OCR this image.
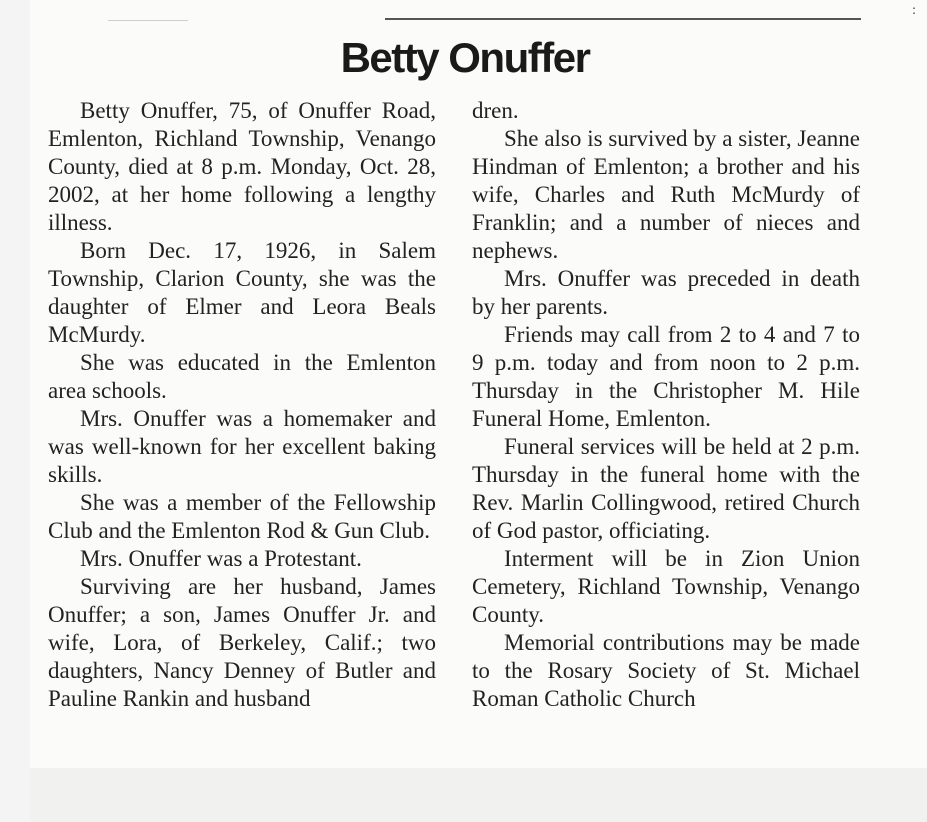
:
Betty Onuffer

Betty Onuffer, 75, of Onuffer Road, Emlenton, Richland Township, Venango County, died at 8 p.m. Monday, Oct. 28, 2002, at her home following a lengthy illness.

Born Dec. 17, 1926, in Salem Township, Clarion County, she was the daughter of Elmer and Leora Beals McMurdy.

She was educated in the Emlenton area schools.

Mrs. Onuffer was a homemaker and was well-known for her excellent baking skills.

She was a member of the Fellowship Club and the Emlenton Rod & Gun Club.

Mrs. Onuffer was a Protestant.

Surviving are her husband, James Onuffer; a son, James Onuffer Jr. and wife, Lora, of Berkeley, Calif.; two daughters, Nancy Denney of Butler and Pauline Rankin and husband

dren.

She also is survived by a sister, Jeanne Hindman of Emlenton; a brother and his wife, Charles and Ruth McMurdy of Franklin; and a number of nieces and nephews.

Mrs. Onuffer was preceded in death by her parents.

Friends may call from 2 to 4 and 7 to 9 p.m. today and from noon to 2 p.m. Thursday in the Christopher M. Hile Funeral Home, Emlenton.

Funeral services will be held at 2 p.m. Thursday in the funeral home with the Rev. Marlin Collingwood, retired Church of God pastor, officiating.

Interment will be in Zion Union Cemetery, Richland Township, Venango County.

Memorial contributions may be made to the Rosary Society of St. Michael Roman Catholic Church
